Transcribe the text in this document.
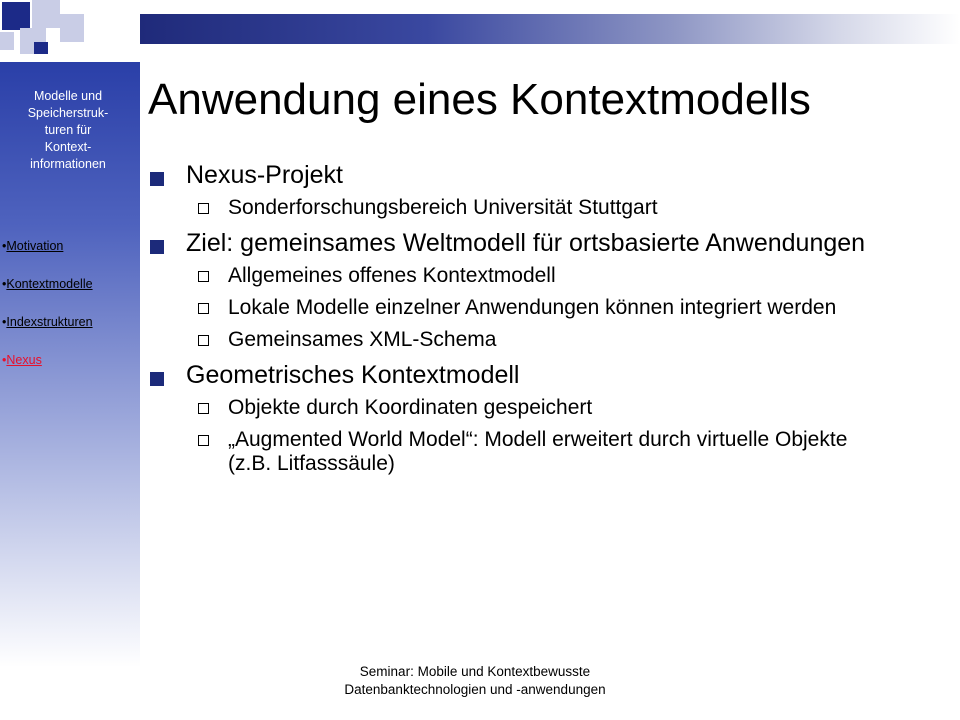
Modelle und
Speicherstruk-
turen für
Kontext-
informationen
•Motivation
•Kontextmodelle
•Indexstrukturen
•Nexus
Anwendung eines Kontextmodells
Nexus-Projekt
Sonderforschungsbereich Universität Stuttgart
Ziel: gemeinsames Weltmodell für ortsbasierte Anwendungen
Allgemeines offenes Kontextmodell
Lokale Modelle einzelner Anwendungen können integriert werden
Gemeinsames XML-Schema
Geometrisches Kontextmodell
Objekte durch Koordinaten gespeichert
„Augmented World Model“: Modell erweitert durch virtuelle Objekte (z.B. Litfasssäule)
Seminar: Mobile und Kontextbewusste
Datenbanktechnologien und -anwendungen
